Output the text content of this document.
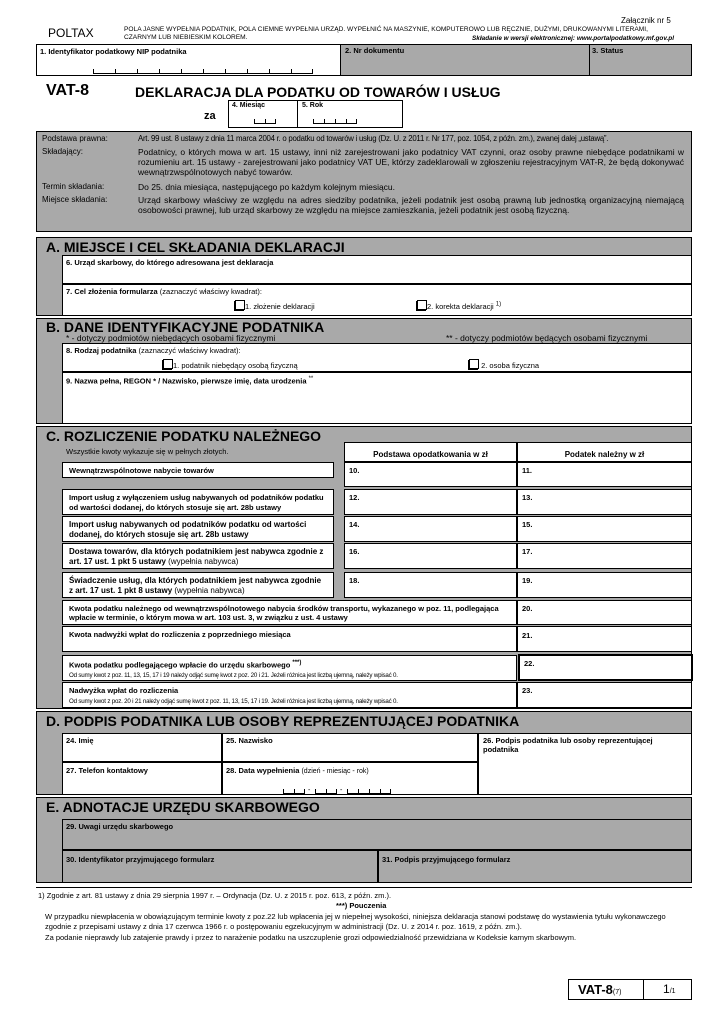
Załącznik nr 5
POLTAX	POLA JASNE WYPEŁNIA PODATNIK, POLA CIEMNE WYPEŁNIA URZĄD. WYPEŁNIĆ NA MASZYNIE, KOMPUTEROWO LUB RĘCZNIE, DUŻYMI, DRUKOWANYMI LITERAMI, CZARNYM LUB NIEBIESKIM KOLOREM.	Składanie w wersji elektronicznej: www.portalpodatkowy.mf.gov.pl
1. Identyfikator podatkowy NIP podatnika	2. Nr dokumentu	3. Status
VAT-8	DEKLARACJA DLA PODATKU OD TOWARÓW I USŁUG
za
4. Miesiąc	5. Rok
Podstawa prawna:	Art. 99 ust. 8 ustawy z dnia 11 marca 2004 r. o podatku od towarów i usług (Dz. U. z 2011 r. Nr 177, poz. 1054, z późn. zm.), zwanej dalej „ustawą”.
Składający:	Podatnicy, o których mowa w art. 15 ustawy, inni niż zarejestrowani jako podatnicy VAT czynni, oraz osoby prawne niebędące podatnikami w rozumieniu art. 15 ustawy - zarejestrowani jako podatnicy VAT UE, którzy zadeklarowali w zgłoszeniu rejestracyjnym VAT-R, że będą dokonywać wewnątrzwspólnotowych nabyć towarów.
Termin składania:	Do 25. dnia miesiąca, następującego po każdym kolejnym miesiącu.
Miejsce składania:	Urząd skarbowy właściwy ze względu na adres siedziby podatnika, jeżeli podatnik jest osobą prawną lub jednostką organizacyjną niemającą osobowości prawnej, lub urząd skarbowy ze względu na miejsce zamieszkania, jeżeli podatnik jest osobą fizyczną.
A. MIEJSCE I CEL SKŁADANIA DEKLARACJI
6. Urząd skarbowy, do którego adresowana jest deklaracja
7. Cel złożenia formularza (zaznaczyć właściwy kwadrat):
1. złożenie deklaracji	2. korekta deklaracji $^{1)}$
B. DANE IDENTYFIKACYJNE PODATNIKA
* - dotyczy podmiotów niebędących osobami fizycznymi	** - dotyczy podmiotów będących osobami fizycznymi
8. Rodzaj podatnika (zaznaczyć właściwy kwadrat):
1. podatnik niebędący osobą fizyczną	2. osoba fizyczna
9. Nazwa pełna, REGON * / Nazwisko, pierwsze imię, data urodzenia **
C. ROZLICZENIE PODATKU NALEŻNEGO
Wszystkie kwoty wykazuje się w pełnych złotych.	Podstawa opodatkowania w zł	Podatek należny w zł
Wewnątrzwspólnotowe nabycie towarów	10.	11.
Import usług z wyłączeniem usług nabywanych od podatników podatku od wartości dodanej, do których stosuje się art. 28b ustawy
12.	13.
Import usług nabywanych od podatników podatku od wartości dodanej, do których stosuje się art. 28b ustawy
14.	15.
Dostawa towarów, dla których podatnikiem jest nabywca zgodnie z art. 17 ust. 1 pkt 5 ustawy (wypełnia nabywca)
16.	17.
Świadczenie usług, dla których podatnikiem jest nabywca zgodnie z art. 17 ust. 1 pkt 8 ustawy (wypełnia nabywca)
18.	19.
Kwota podatku należnego od wewnątrzwspólnotowego nabycia środków transportu, wykazanego w poz. 11, podlegająca wpłacie w terminie, o którym mowa w art. 103 ust. 3, w związku z ust. 4 ustawy
20.
Kwota nadwyżki wpłat do rozliczenia z poprzedniego miesiąca	21.
Kwota podatku podlegającego wpłacie do urzędu skarbowego ***)
Od sumy kwot z poz. 11, 13, 15, 17 i 19 należy odjąć sumę kwot z poz. 20 i 21. Jeżeli różnica jest liczbą ujemną, należy wpisać 0.
22.
Nadwyżka wpłat do rozliczenia
Od sumy kwot z poz. 20 i 21 należy odjąć sumę kwot z poz. 11, 13, 15, 17 i 19. Jeżeli różnica jest liczbą ujemną, należy wpisać 0.
23.
D. PODPIS PODATNIKA LUB OSOBY REPREZENTUJĄCEJ PODATNIKA
24. Imię	25. Nazwisko	26. Podpis podatnika lub osoby reprezentującej podatnika
27. Telefon kontaktowy	28. Data wypełnienia (dzień - miesiąc - rok)
-	-
E. ADNOTACJE URZĘDU SKARBOWEGO
29. Uwagi urzędu skarbowego
30. Identyfikator przyjmującego formularz	31. Podpis przyjmującego formularz
1) Zgodnie z art. 81 ustawy z dnia 29 sierpnia 1997 r. – Ordynacja (Dz. U. z 2015 r. poz. 613, z późn. zm.).
***) Pouczenia
W przypadku niewpłacenia w obowiązującym terminie kwoty z poz.22 lub wpłacenia jej w niepełnej wysokości, niniejsza deklaracja stanowi podstawę do wystawienia tytułu wykonawczego zgodnie z przepisami ustawy z dnia 17 czerwca 1966 r. o postępowaniu egzekucyjnym w administracji (Dz. U. z 2014 r. poz. 1619, z późn. zm.).
Za podanie nieprawdy lub zatajenie prawdy i przez to narażenie podatku na uszczuplenie grozi odpowiedzialność przewidziana w Kodeksie karnym skarbowym.
VAT-8(7)	1/1
